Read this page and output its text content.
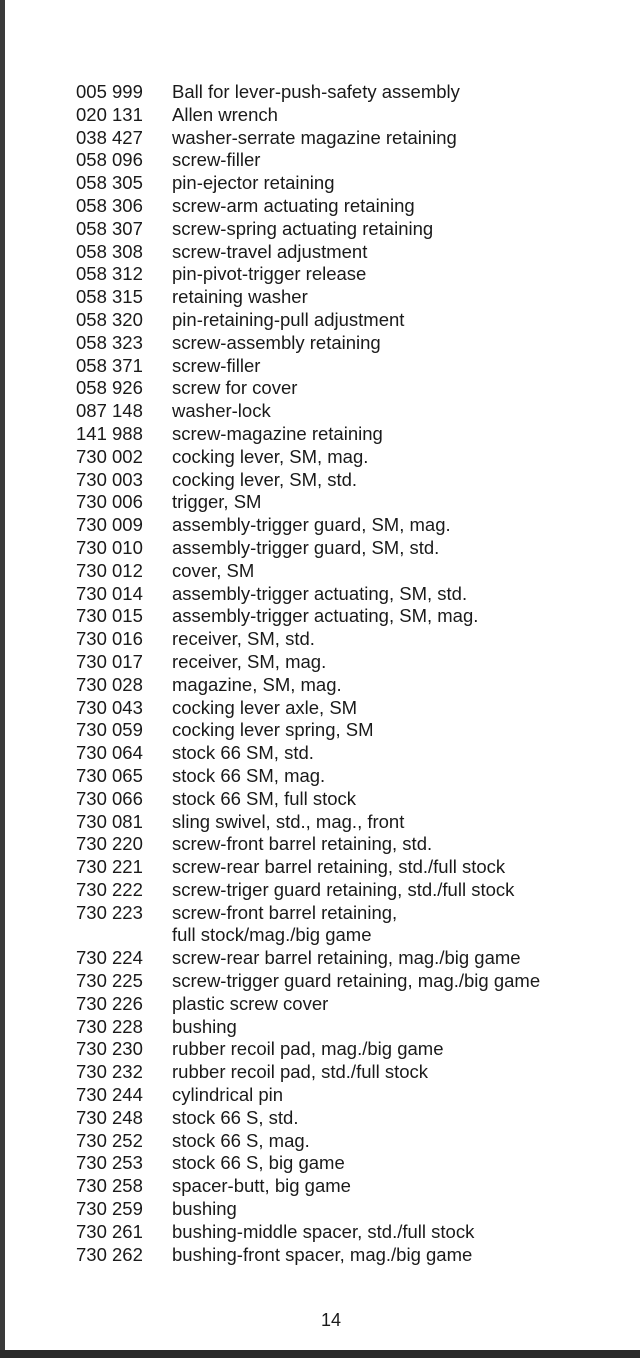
005 999	Ball for lever-push-safety assembly
020 131	Allen wrench
038 427	washer-serrate magazine retaining
058 096	screw-filler
058 305	pin-ejector retaining
058 306	screw-arm actuating retaining
058 307	screw-spring actuating retaining
058 308	screw-travel adjustment
058 312	pin-pivot-trigger release
058 315	retaining washer
058 320	pin-retaining-pull adjustment
058 323	screw-assembly retaining
058 371	screw-filler
058 926	screw for cover
087 148	washer-lock
141 988	screw-magazine retaining
730 002	cocking lever, SM, mag.
730 003	cocking lever, SM, std.
730 006	trigger, SM
730 009	assembly-trigger guard, SM, mag.
730 010	assembly-trigger guard, SM, std.
730 012	cover, SM
730 014	assembly-trigger actuating, SM, std.
730 015	assembly-trigger actuating, SM, mag.
730 016	receiver, SM, std.
730 017	receiver, SM, mag.
730 028	magazine, SM, mag.
730 043	cocking lever axle, SM
730 059	cocking lever spring, SM
730 064	stock 66 SM, std.
730 065	stock 66 SM, mag.
730 066	stock 66 SM, full stock
730 081	sling swivel, std., mag., front
730 220	screw-front barrel retaining, std.
730 221	screw-rear barrel retaining, std./full stock
730 222	screw-triger guard retaining, std./full stock
730 223	screw-front barrel retaining,
full stock/mag./big game
730 224	screw-rear barrel retaining, mag./big game
730 225	screw-trigger guard retaining, mag./big game
730 226	plastic screw cover
730 228	bushing
730 230	rubber recoil pad, mag./big game
730 232	rubber recoil pad, std./full stock
730 244	cylindrical pin
730 248	stock 66 S, std.
730 252	stock 66 S, mag.
730 253	stock 66 S, big game
730 258	spacer-butt, big game
730 259	bushing
730 261	bushing-middle spacer, std./full stock
730 262	bushing-front spacer, mag./big game
14
